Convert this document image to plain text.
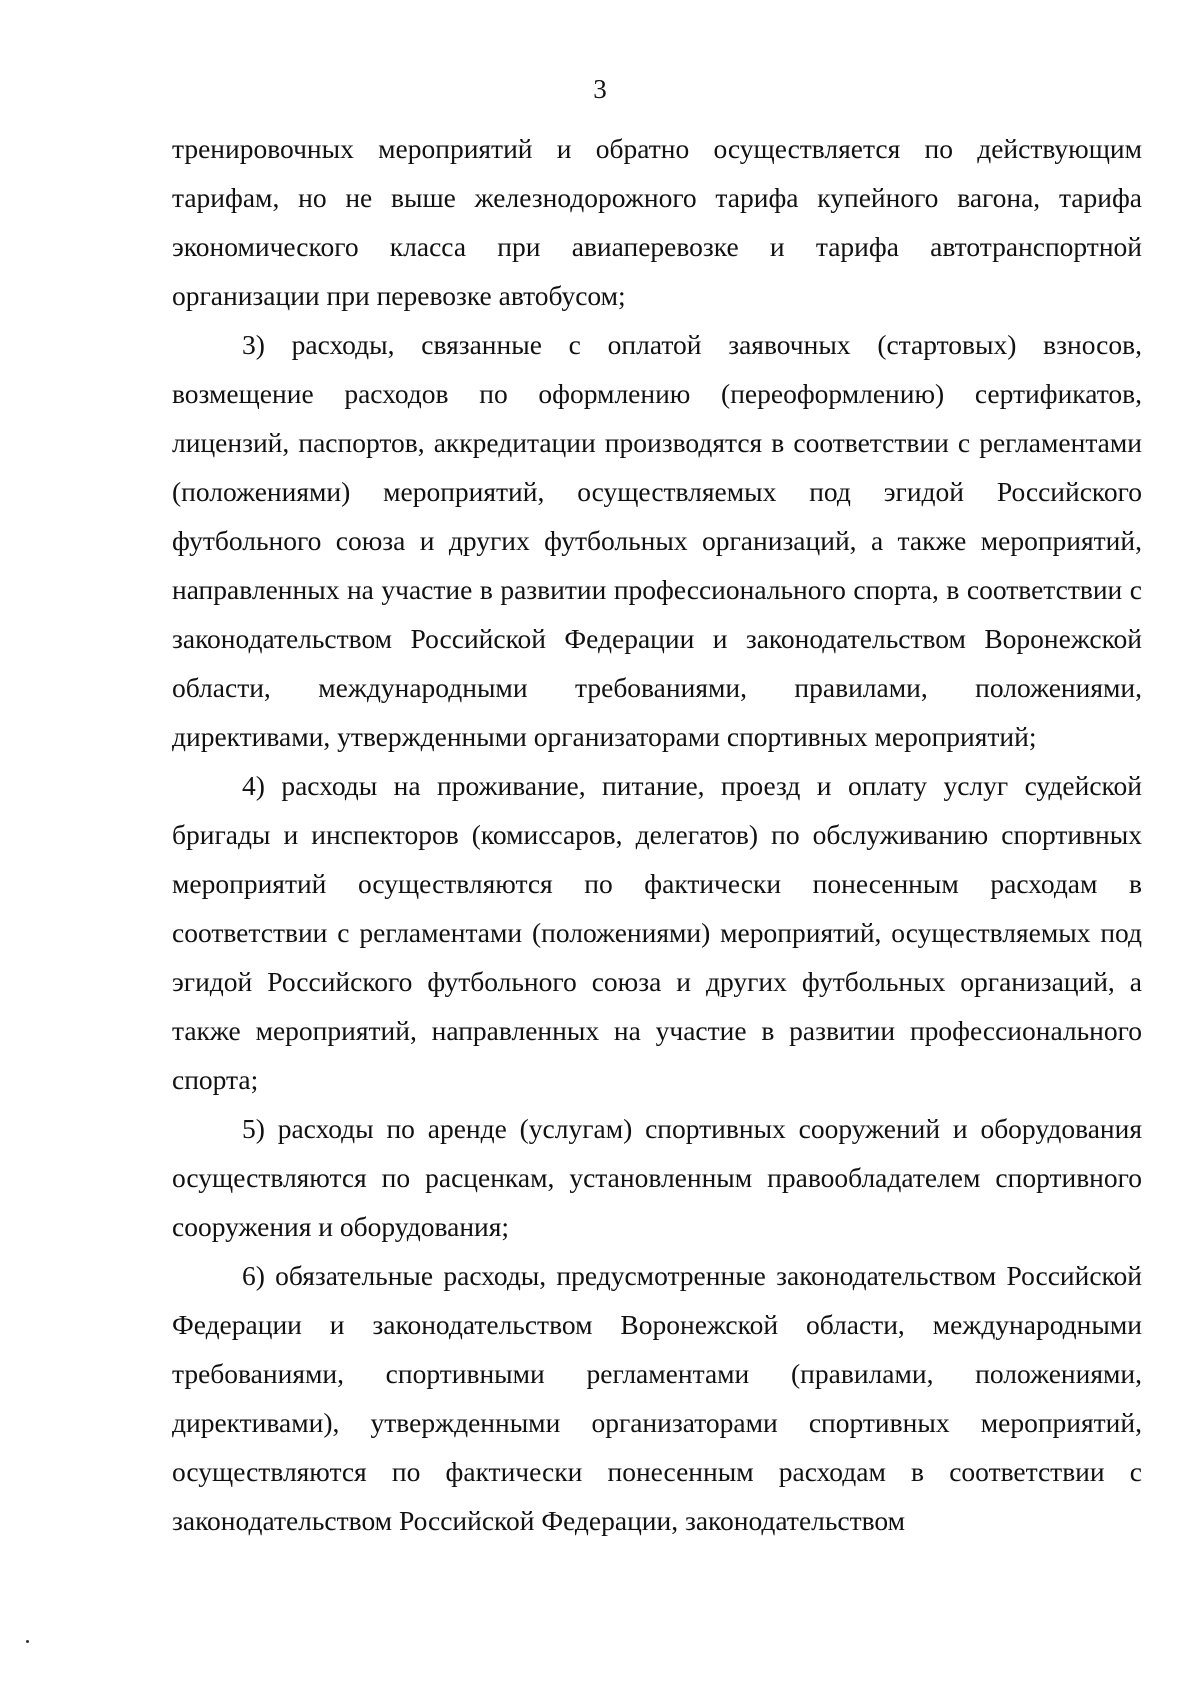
3

тренировочных мероприятий и обратно осуществляется по действующим тарифам, но не выше железнодорожного тарифа купейного вагона, тарифа экономического класса при авиаперевозке и тарифа автотранспортной организации при перевозке автобусом;

3) расходы, связанные с оплатой заявочных (стартовых) взносов, возмещение расходов по оформлению (переоформлению) сертификатов, лицензий, паспортов, аккредитации производятся в соответствии с регламентами (положениями) мероприятий, осуществляемых под эгидой Российского футбольного союза и других футбольных организаций, а также мероприятий, направленных на участие в развитии профессионального спорта, в соответствии с законодательством Российской Федерации и законодательством Воронежской области, международными требованиями, правилами, положениями, директивами, утвержденными организаторами спортивных мероприятий;

4) расходы на проживание, питание, проезд и оплату услуг судейской бригады и инспекторов (комиссаров, делегатов) по обслуживанию спортивных мероприятий осуществляются по фактически понесенным расходам в соответствии с регламентами (положениями) мероприятий, осуществляемых под эгидой Российского футбольного союза и других футбольных организаций, а также мероприятий, направленных на участие в развитии профессионального спорта;

5) расходы по аренде (услугам) спортивных сооружений и оборудования осуществляются по расценкам, установленным правообладателем спортивного сооружения и оборудования;

6) обязательные расходы, предусмотренные законодательством Российской Федерации и законодательством Воронежской области, международными требованиями, спортивными регламентами (правилами, положениями, директивами), утвержденными организаторами спортивных мероприятий, осуществляются по фактически понесенным расходам в соответствии с законодательством Российской Федерации, законодательством
